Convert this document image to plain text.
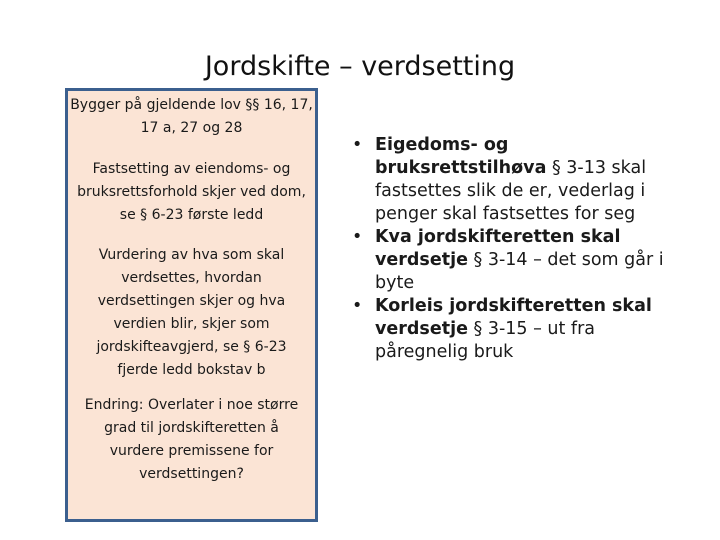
Jordskifte – verdsetting

Bygger på gjeldende lov §§ 16, 17, 17 a, 27 og 28

Fastsetting av eiendoms- og bruksrettsforhold skjer ved dom, se § 6-23 første ledd

Vurdering av hva som skal verdsettes, hvordan verdsettingen skjer og hva verdien blir, skjer som jordskifteavgjerd, se § 6-23 fjerde ledd bokstav b

Endring: Overlater i noe større grad til jordskifteretten å vurdere premissene for verdsettingen?

• Eigedoms- og bruksrettstilhøva § 3-13 skal fastsettes slik de er, vederlag i penger skal fastsettes for seg
• Kva jordskifteretten skal verdsetje § 3-14 – det som går i byte
• Korleis jordskifteretten skal verdsetje § 3-15 – ut fra påregnelig bruk
